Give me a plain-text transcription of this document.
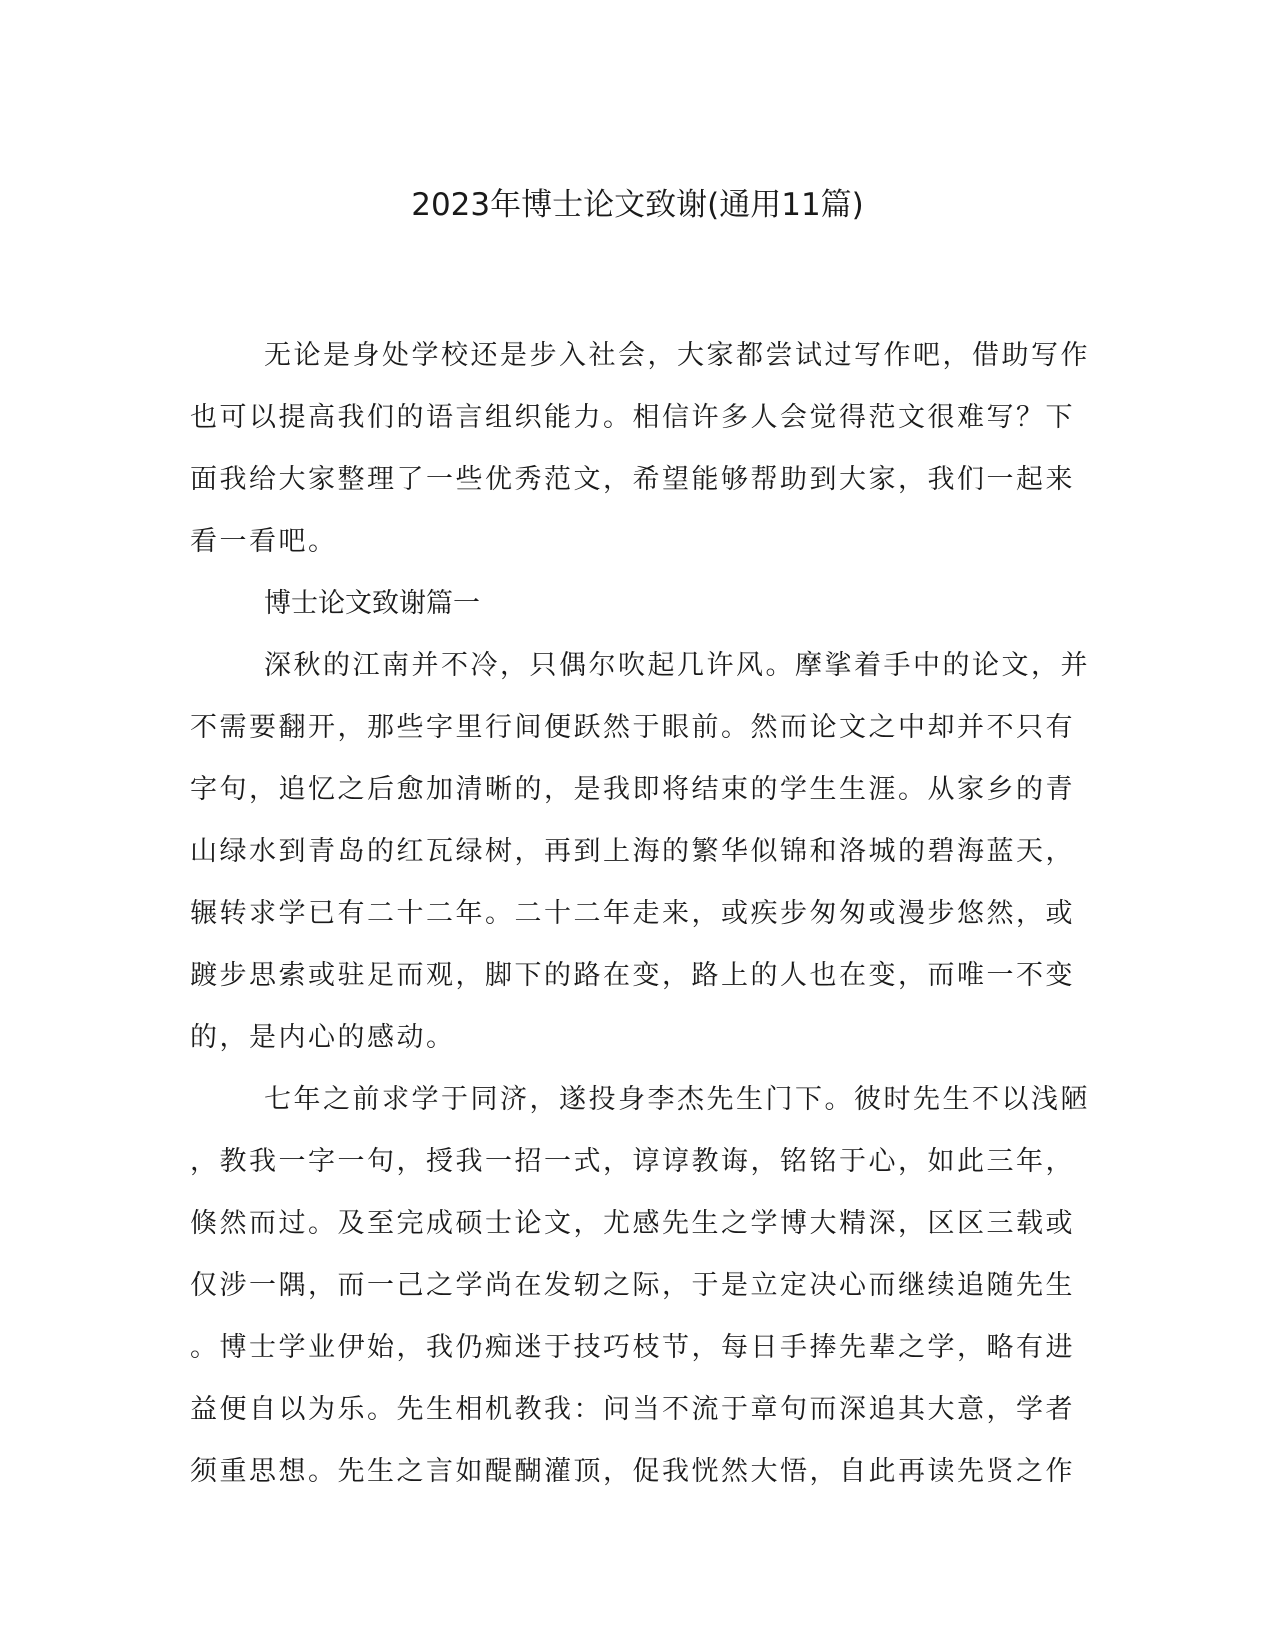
2023年博士论文致谢(通用11篇)
无论是身处学校还是步入社会，大家都尝试过写作吧，借助写作
也可以提高我们的语言组织能力。相信许多人会觉得范文很难写？下
面我给大家整理了一些优秀范文，希望能够帮助到大家，我们一起来
看一看吧。
博士论文致谢篇一
深秋的江南并不冷，只偶尔吹起几许风。摩挲着手中的论文，并
不需要翻开，那些字里行间便跃然于眼前。然而论文之中却并不只有
字句，追忆之后愈加清晰的，是我即将结束的学生生涯。从家乡的青
山绿水到青岛的红瓦绿树，再到上海的繁华似锦和洛城的碧海蓝天，
辗转求学已有二十二年。二十二年走来，或疾步匆匆或漫步悠然，或
踱步思索或驻足而观，脚下的路在变，路上的人也在变，而唯一不变
的，是内心的感动。
七年之前求学于同济，遂投身李杰先生门下。彼时先生不以浅陋
，教我一字一句，授我一招一式，谆谆教诲，铭铭于心，如此三年，
倏然而过。及至完成硕士论文，尤感先生之学博大精深，区区三载或
仅涉一隅，而一己之学尚在发轫之际，于是立定决心而继续追随先生
。博士学业伊始，我仍痴迷于技巧枝节，每日手捧先辈之学，略有进
益便自以为乐。先生相机教我：问当不流于章句而深追其大意，学者
须重思想。先生之言如醍醐灌顶，促我恍然大悟，自此再读先贤之作
